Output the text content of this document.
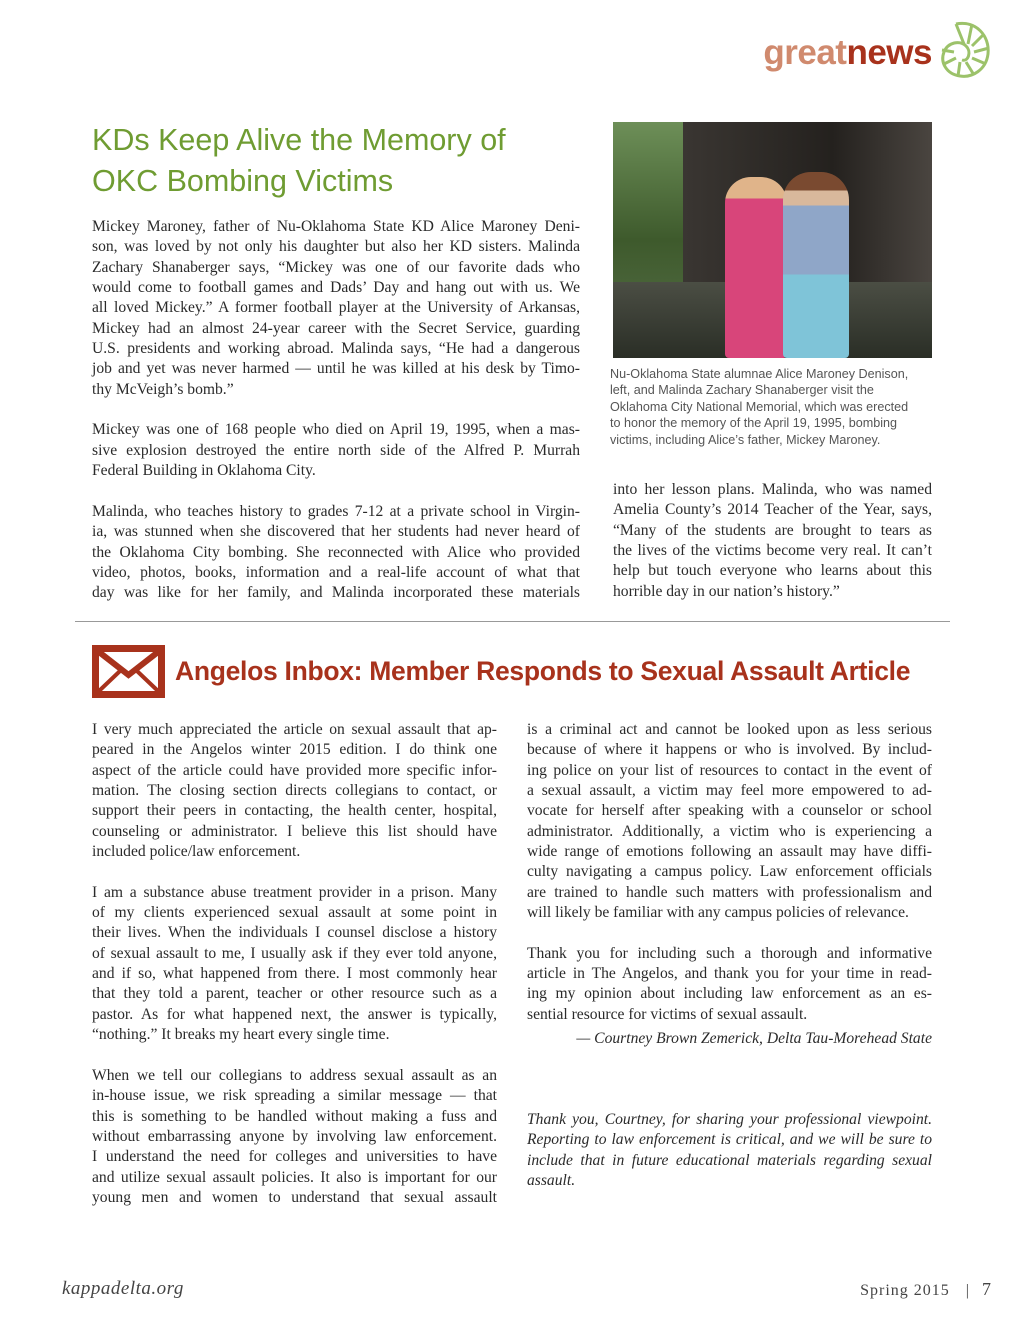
great news
KDs Keep Alive the Memory of
OKC Bombing Victims
Mickey Maroney, father of Nu-Oklahoma State KD Alice Maroney Deni-
son, was loved by not only his daughter but also her KD sisters. Malinda
Zachary Shanaberger says, “Mickey was one of our favorite dads who
would come to football games and Dads’ Day and hang out with us. We
all loved Mickey.” A former football player at the University of Arkansas,
Mickey had an almost 24-year career with the Secret Service, guarding
U.S. presidents and working abroad. Malinda says, “He had a dangerous
job and yet was never harmed — until he was killed at his desk by Timo-
thy McVeigh’s bomb.”
Mickey was one of 168 people who died on April 19, 1995, when a mas-
sive explosion destroyed the entire north side of the Alfred P. Murrah
Federal Building in Oklahoma City.
Malinda, who teaches history to grades 7-12 at a private school in Virgin-
ia, was stunned when she discovered that her students had never heard of
the Oklahoma City bombing. She reconnected with Alice who provided
video, photos, books, information and a real-life account of what that
day was like for her family, and Malinda incorporated these materials
Nu-Oklahoma State alumnae Alice Maroney Denison,
left, and Malinda Zachary Shanaberger visit the
Oklahoma City National Memorial, which was erected
to honor the memory of the April 19, 1995, bombing
victims, including Alice’s father, Mickey Maroney.
into her lesson plans. Malinda, who was named
Amelia County’s 2014 Teacher of the Year, says,
“Many of the students are brought to tears as
the lives of the victims become very real. It can’t
help but touch everyone who learns about this
horrible day in our nation’s history.”
Angelos Inbox: Member Responds to Sexual Assault Article
I very much appreciated the article on sexual assault that ap-
peared in the Angelos winter 2015 edition. I do think one
aspect of the article could have provided more specific infor-
mation. The closing section directs collegians to contact, or
support their peers in contacting, the health center, hospital,
counseling or administrator. I believe this list should have
included police/law enforcement.
I am a substance abuse treatment provider in a prison. Many
of my clients experienced sexual assault at some point in
their lives. When the individuals I counsel disclose a history
of sexual assault to me, I usually ask if they ever told anyone,
and if so, what happened from there. I most commonly hear
that they told a parent, teacher or other resource such as a
pastor. As for what happened next, the answer is typically,
“nothing.” It breaks my heart every single time.
When we tell our collegians to address sexual assault as an
in-house issue, we risk spreading a similar message — that
this is something to be handled without making a fuss and
without embarrassing anyone by involving law enforcement.
I understand the need for colleges and universities to have
and utilize sexual assault policies. It also is important for our
young men and women to understand that sexual assault
is a criminal act and cannot be looked upon as less serious
because of where it happens or who is involved. By includ-
ing police on your list of resources to contact in the event of
a sexual assault, a victim may feel more empowered to ad-
vocate for herself after speaking with a counselor or school
administrator. Additionally, a victim who is experiencing a
wide range of emotions following an assault may have diffi-
culty navigating a campus policy. Law enforcement officials
are trained to handle such matters with professionalism and
will likely be familiar with any campus policies of relevance.
Thank you for including such a thorough and informative
article in The Angelos, and thank you for your time in read-
ing my opinion about including law enforcement as an es-
sential resource for victims of sexual assault.
— Courtney Brown Zemerick, Delta Tau-Morehead State
Thank you, Courtney, for sharing your professional viewpoint.
Reporting to law enforcement is critical, and we will be sure to
include that in future educational materials regarding sexual
assault.
kappadelta.org	Spring 2015 | 7
